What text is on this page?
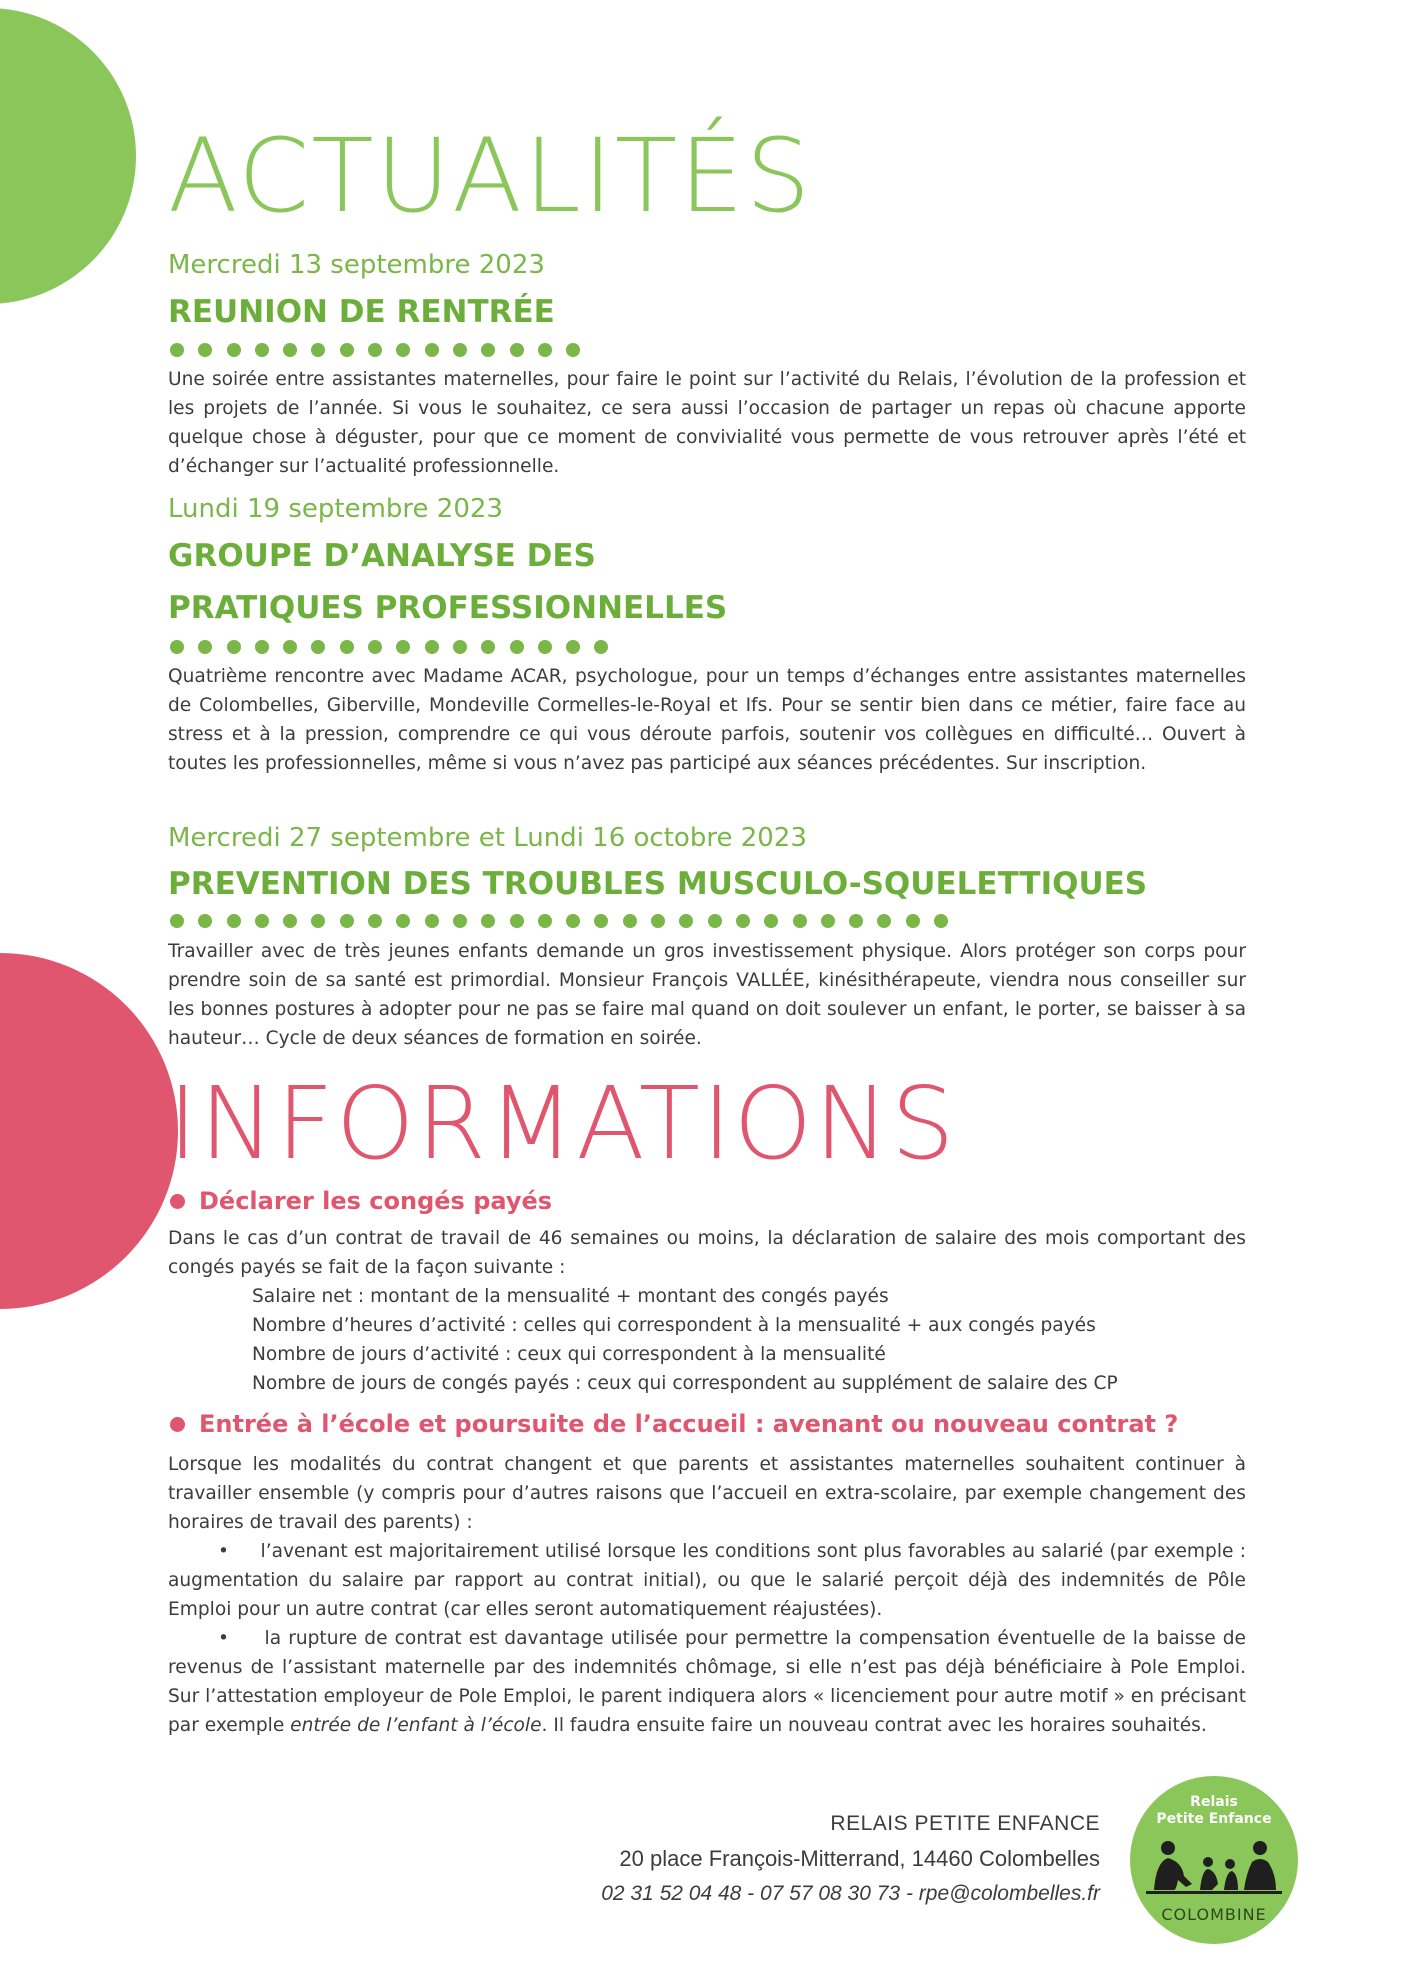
ACTUALITÉS

Mercredi 13 septembre 2023

REUNION DE RENTRÉE

Une soirée entre assistantes maternelles, pour faire le point sur l’activité du Relais, l’évolution de la profession et les projets de l’année. Si vous le souhaitez, ce sera aussi l’occasion de partager un repas où chacune apporte quelque chose à déguster, pour que ce moment de convivialité vous permette de vous retrouver après l’été et d’échanger sur l’actualité professionnelle.

Lundi 19 septembre 2023

GROUPE D’ANALYSE DES
PRATIQUES PROFESSIONNELLES

Quatrième rencontre avec Madame ACAR, psychologue, pour un temps d’échanges entre assistantes maternelles de Colombelles, Giberville, Mondeville Cormelles-le-Royal et Ifs. Pour se sentir bien dans ce métier, faire face au stress et à la pression, comprendre ce qui vous déroute parfois, soutenir vos collègues en difficulté… Ouvert à toutes les professionnelles, même si vous n’avez pas participé aux séances précédentes. Sur inscription.

Mercredi 27 septembre et Lundi 16 octobre 2023

PREVENTION DES TROUBLES MUSCULO-SQUELETTIQUES

Travailler avec de très jeunes enfants demande un gros investissement physique. Alors protéger son corps pour prendre soin de sa santé est primordial. Monsieur François VALLÉE, kinésithérapeute, viendra nous conseiller sur les bonnes postures à adopter pour ne pas se faire mal quand on doit soulever un enfant, le porter, se baisser à sa hauteur… Cycle de deux séances de formation en soirée.

INFORMATIONS
Déclarer les congés payés

Dans le cas d’un contrat de travail de 46 semaines ou moins, la déclaration de salaire des mois comportant des congés payés se fait de la façon suivante :

Salaire net : montant de la mensualité + montant des congés payés
Nombre d’heures d’activité : celles qui correspondent à la mensualité + aux congés payés
Nombre de jours d’activité : ceux qui correspondent à la mensualité
Nombre de jours de congés payés : ceux qui correspondent au supplément de salaire des CP
Entrée à l’école et poursuite de l’accueil : avenant ou nouveau contrat ?

Lorsque les modalités du contrat changent et que parents et assistantes maternelles souhaitent continuer à travailler ensemble (y compris pour d’autres raisons que l’accueil en extra-scolaire, par exemple changement des horaires de travail des parents) :

•     l’avenant est majoritairement utilisé lorsque les conditions sont plus favorables au salarié (par exemple : augmentation du salaire par rapport au contrat initial), ou que le salarié perçoit déjà des indemnités de Pôle Emploi pour un autre contrat (car elles seront automatiquement réajustées).

•     la rupture de contrat est davantage utilisée pour permettre la compensation éventuelle de la baisse de revenus de l’assistant maternelle par des indemnités chômage, si elle n’est pas déjà bénéficiaire à Pole Emploi. Sur l’attestation employeur de Pole Emploi, le parent indiquera alors « licenciement pour autre motif » en précisant par exemple entrée de l’enfant à l’école. Il faudra ensuite faire un nouveau contrat avec les horaires souhaités.

RELAIS PETITE ENFANCE

20 place François-Mitterrand, 14460 Colombelles

02 31 52 04 48 - 07 57 08 30 73 - rpe@colombelles.fr

Relais
Petite Enfance
COLOMBINE
